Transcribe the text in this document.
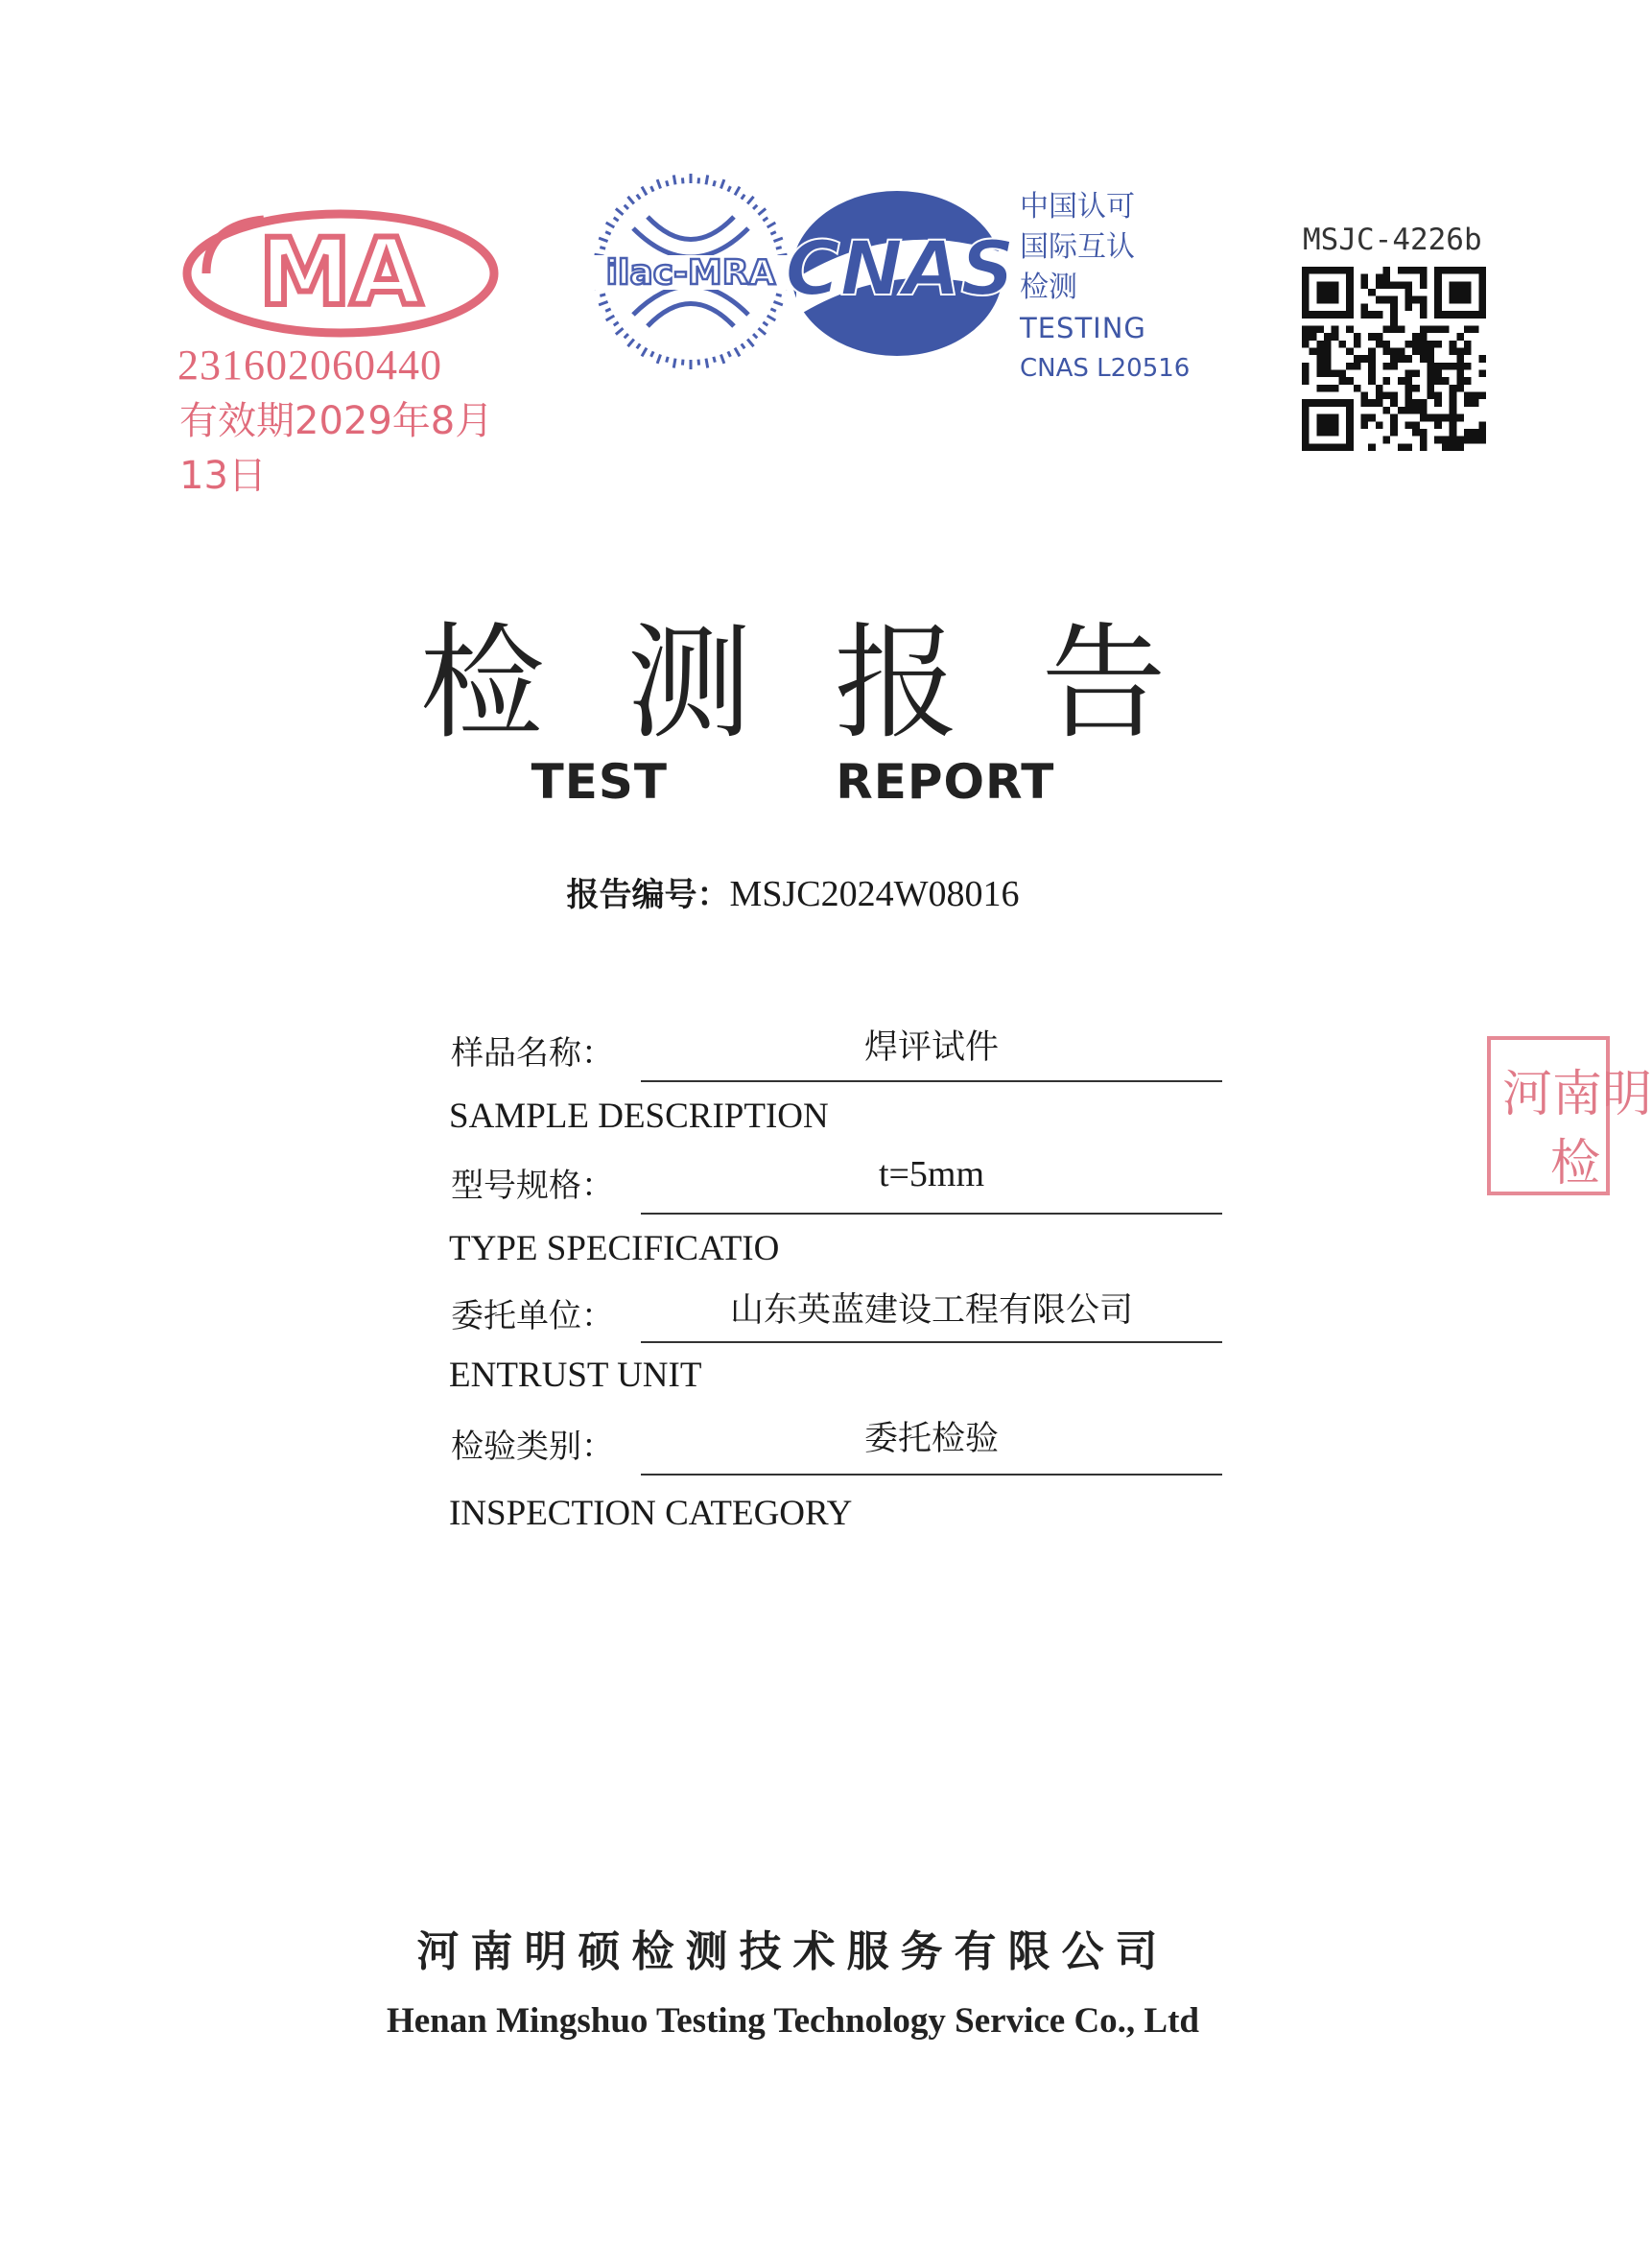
MA
231602060440
有效期2029年8月13日
ilac-MRA CNAS
中国认可
国际互认
检测
TESTING
CNAS L20516
MSJC-4226b
检测报告
TEST   REPORT
报告编号：MSJC2024W08016
样品名称：	焊评试件
SAMPLE DESCRIPTION
型号规格：	t=5mm
TYPE SPECIFICATIO
委托单位：	山东英蓝建设工程有限公司
ENTRUST UNIT
检验类别：	委托检验
INSPECTION CATEGORY
河南明
检
河南明硕检测技术服务有限公司
Henan Mingshuo Testing Technology Service Co., Ltd
